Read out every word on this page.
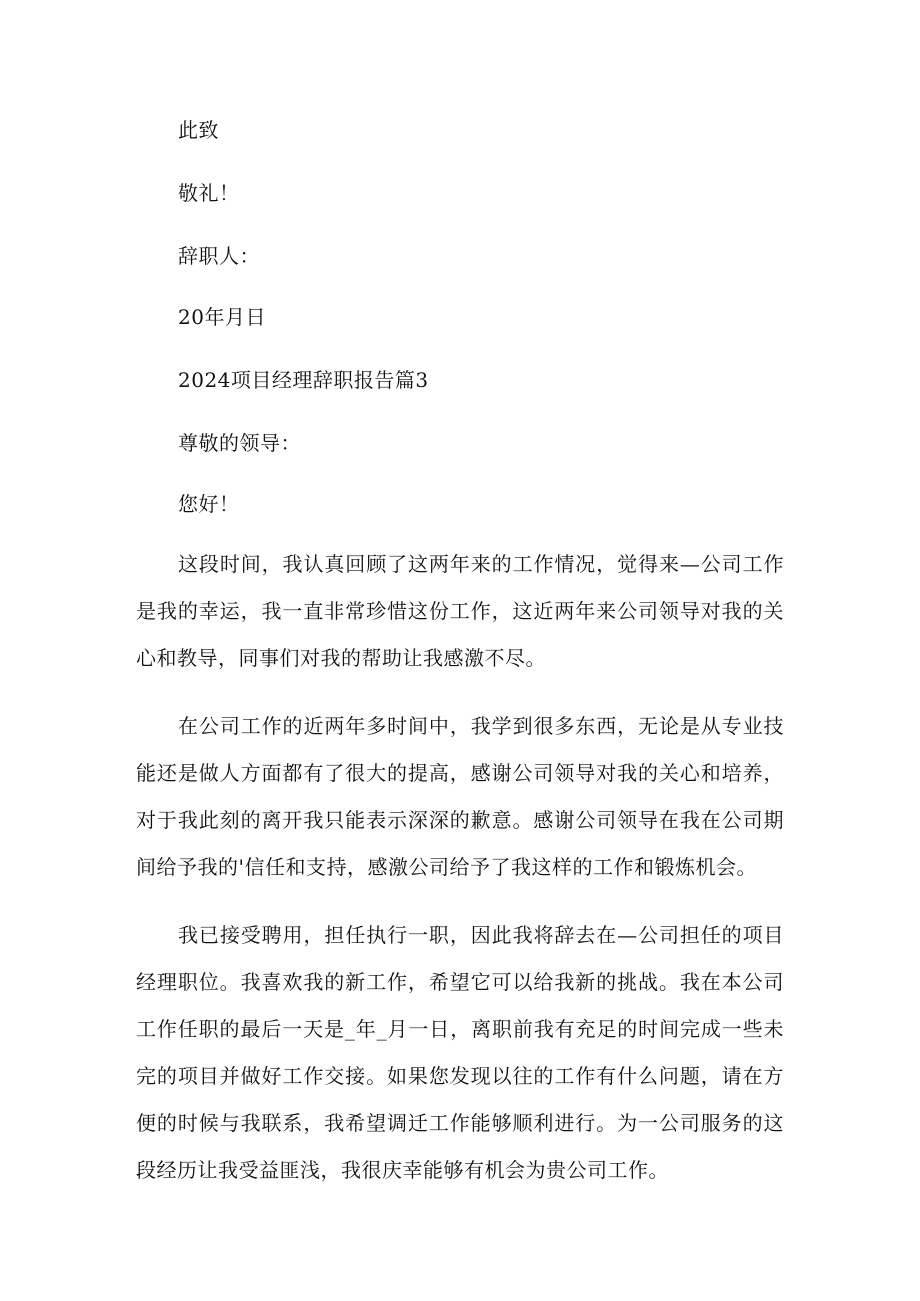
此致
敬礼！
辞职人：
20年月日
2024项目经理辞职报告篇3
尊敬的领导：
您好！

这段时间，我认真回顾了这两年来的工作情况，觉得来—公司工作是我的幸运，我一直非常珍惜这份工作，这近两年来公司领导对我的关心和教导，同事们对我的帮助让我感激不尽。

在公司工作的近两年多时间中，我学到很多东西，无论是从专业技能还是做人方面都有了很大的提高，感谢公司领导对我的关心和培养，对于我此刻的离开我只能表示深深的歉意。感谢公司领导在我在公司期间给予我的'信任和支持，感激公司给予了我这样的工作和锻炼机会。

我已接受聘用，担任执行一职，因此我将辞去在—公司担任的项目经理职位。我喜欢我的新工作，希望它可以给我新的挑战。我在本公司工作任职的最后一天是_年_月一日，离职前我有充足的时间完成一些未完的项目并做好工作交接。如果您发现以往的工作有什么问题，请在方便的时候与我联系，我希望调迁工作能够顺利进行。为一公司服务的这段经历让我受益匪浅，我很庆幸能够有机会为贵公司工作。
